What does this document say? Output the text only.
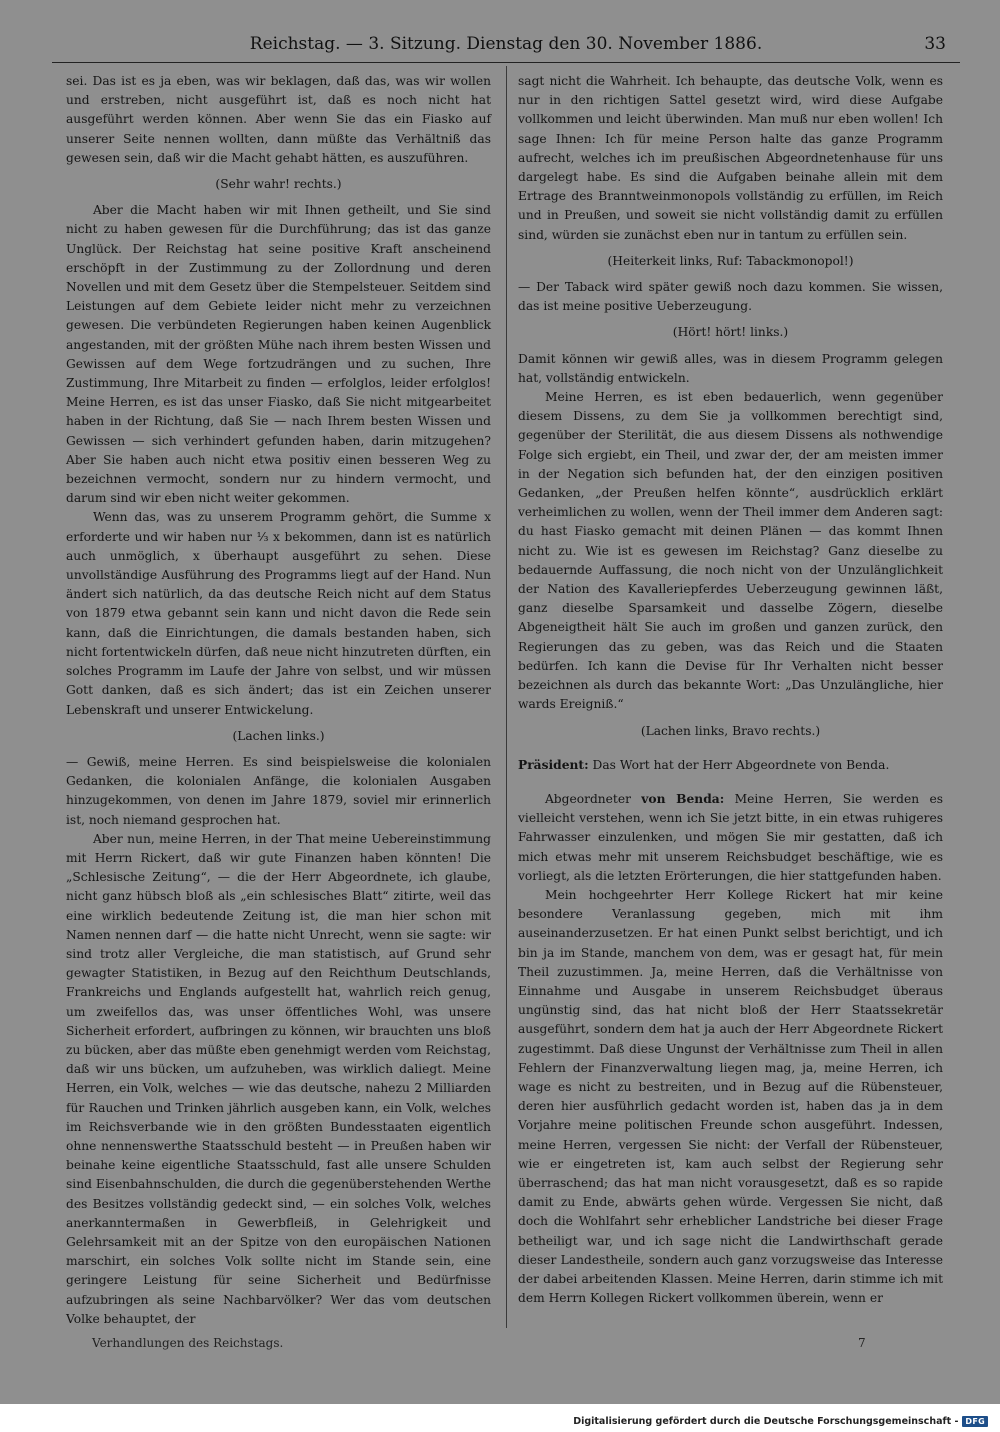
Reichstag. — 3. Sitzung. Dienstag den 30. November 1886.	33

sei. Das ist es ja eben, was wir beklagen, daß das, was wir wollen und erstreben, nicht ausgeführt ist, daß es noch nicht hat ausgeführt werden können. Aber wenn Sie das ein Fiasko auf unserer Seite nennen wollten, dann müßte das Verhältniß das gewesen sein, daß wir die Macht gehabt hätten, es auszuführen.

(Sehr wahr! rechts.)

Aber die Macht haben wir mit Ihnen getheilt, und Sie sind nicht zu haben gewesen für die Durchführung; das ist das ganze Unglück. Der Reichstag hat seine positive Kraft anscheinend erschöpft in der Zustimmung zu der Zollordnung und deren Novellen und mit dem Gesetz über die Stempelsteuer. Seitdem sind Leistungen auf dem Gebiete leider nicht mehr zu verzeichnen gewesen. Die verbündeten Regierungen haben keinen Augenblick angestanden, mit der größten Mühe nach ihrem besten Wissen und Gewissen auf dem Wege fortzudrängen und zu suchen, Ihre Zustimmung, Ihre Mitarbeit zu finden — erfolglos, leider erfolglos! Meine Herren, es ist das unser Fiasko, daß Sie nicht mitgearbeitet haben in der Richtung, daß Sie — nach Ihrem besten Wissen und Gewissen — sich verhindert gefunden haben, darin mitzugehen? Aber Sie haben auch nicht etwa positiv einen besseren Weg zu bezeichnen vermocht, sondern nur zu hindern vermocht, und darum sind wir eben nicht weiter gekommen.

Wenn das, was zu unserem Programm gehört, die Summe x erforderte und wir haben nur ⅓ x bekommen, dann ist es natürlich auch unmöglich, x überhaupt ausgeführt zu sehen. Diese unvollständige Ausführung des Programms liegt auf der Hand. Nun ändert sich natürlich, da das deutsche Reich nicht auf dem Status von 1879 etwa gebannt sein kann und nicht davon die Rede sein kann, daß die Einrichtungen, die damals bestanden haben, sich nicht fortentwickeln dürfen, daß neue nicht hinzutreten dürften, ein solches Programm im Laufe der Jahre von selbst, und wir müssen Gott danken, daß es sich ändert; das ist ein Zeichen unserer Lebenskraft und unserer Entwickelung.

(Lachen links.)

— Gewiß, meine Herren. Es sind beispielsweise die kolonialen Gedanken, die kolonialen Anfänge, die kolonialen Ausgaben hinzugekommen, von denen im Jahre 1879, soviel mir erinnerlich ist, noch niemand gesprochen hat.

Aber nun, meine Herren, in der That meine Uebereinstimmung mit Herrn Rickert, daß wir gute Finanzen haben könnten! Die „Schlesische Zeitung“, — die der Herr Abgeordnete, ich glaube, nicht ganz hübsch bloß als „ein schlesisches Blatt“ zitirte, weil das eine wirklich bedeutende Zeitung ist, die man hier schon mit Namen nennen darf — die hatte nicht Unrecht, wenn sie sagte: wir sind trotz aller Vergleiche, die man statistisch, auf Grund sehr gewagter Statistiken, in Bezug auf den Reichthum Deutschlands, Frankreichs und Englands aufgestellt hat, wahrlich reich genug, um zweifellos das, was unser öffentliches Wohl, was unsere Sicherheit erfordert, aufbringen zu können, wir brauchten uns bloß zu bücken, aber das müßte eben genehmigt werden vom Reichstag, daß wir uns bücken, um aufzuheben, was wirklich daliegt. Meine Herren, ein Volk, welches — wie das deutsche, nahezu 2 Milliarden für Rauchen und Trinken jährlich ausgeben kann, ein Volk, welches im Reichsverbande wie in den größten Bundesstaaten eigentlich ohne nennenswerthe Staatsschuld besteht — in Preußen haben wir beinahe keine eigentliche Staatsschuld, fast alle unsere Schulden sind Eisenbahnschulden, die durch die gegenüberstehenden Werthe des Besitzes vollständig gedeckt sind, — ein solches Volk, welches anerkanntermaßen in Gewerbfleiß, in Gelehrigkeit und Gelehrsamkeit mit an der Spitze von den europäischen Nationen marschirt, ein solches Volk sollte nicht im Stande sein, eine geringere Leistung für seine Sicherheit und Bedürfnisse aufzubringen als seine Nachbarvölker? Wer das vom deutschen Volke behauptet, der

sagt nicht die Wahrheit. Ich behaupte, das deutsche Volk, wenn es nur in den richtigen Sattel gesetzt wird, wird diese Aufgabe vollkommen und leicht überwinden. Man muß nur eben wollen! Ich sage Ihnen: Ich für meine Person halte das ganze Programm aufrecht, welches ich im preußischen Abgeordnetenhause für uns dargelegt habe. Es sind die Aufgaben beinahe allein mit dem Ertrage des Branntweinmonopols vollständig zu erfüllen, im Reich und in Preußen, und soweit sie nicht vollständig damit zu erfüllen sind, würden sie zunächst eben nur in tantum zu erfüllen sein.

(Heiterkeit links, Ruf: Tabackmonopol!)

— Der Taback wird später gewiß noch dazu kommen. Sie wissen, das ist meine positive Ueberzeugung.

(Hört! hört! links.)

Damit können wir gewiß alles, was in diesem Programm gelegen hat, vollständig entwickeln.

Meine Herren, es ist eben bedauerlich, wenn gegenüber diesem Dissens, zu dem Sie ja vollkommen berechtigt sind, gegenüber der Sterilität, die aus diesem Dissens als nothwendige Folge sich ergiebt, ein Theil, und zwar der, der am meisten immer in der Negation sich befunden hat, der den einzigen positiven Gedanken, „der Preußen helfen könnte“, ausdrücklich erklärt verheimlichen zu wollen, wenn der Theil immer dem Anderen sagt: du hast Fiasko gemacht mit deinen Plänen — das kommt Ihnen nicht zu. Wie ist es gewesen im Reichstag? Ganz dieselbe zu bedauernde Auffassung, die noch nicht von der Unzulänglichkeit der Nation des Kavalleriepferdes Ueberzeugung gewinnen läßt, ganz dieselbe Sparsamkeit und dasselbe Zögern, dieselbe Abgeneigtheit hält Sie auch im großen und ganzen zurück, den Regierungen das zu geben, was das Reich und die Staaten bedürfen. Ich kann die Devise für Ihr Verhalten nicht besser bezeichnen als durch das bekannte Wort: „Das Unzulängliche, hier wards Ereigniß.“

(Lachen links, Bravo rechts.)

Präsident: Das Wort hat der Herr Abgeordnete von Benda.

Abgeordneter von Benda: Meine Herren, Sie werden es vielleicht verstehen, wenn ich Sie jetzt bitte, in ein etwas ruhigeres Fahrwasser einzulenken, und mögen Sie mir gestatten, daß ich mich etwas mehr mit unserem Reichsbudget beschäftige, wie es vorliegt, als die letzten Erörterungen, die hier stattgefunden haben.

Mein hochgeehrter Herr Kollege Rickert hat mir keine besondere Veranlassung gegeben, mich mit ihm auseinanderzusetzen. Er hat einen Punkt selbst berichtigt, und ich bin ja im Stande, manchem von dem, was er gesagt hat, für mein Theil zuzustimmen. Ja, meine Herren, daß die Verhältnisse von Einnahme und Ausgabe in unserem Reichsbudget überaus ungünstig sind, das hat nicht bloß der Herr Staatssekretär ausgeführt, sondern dem hat ja auch der Herr Abgeordnete Rickert zugestimmt. Daß diese Ungunst der Verhältnisse zum Theil in allen Fehlern der Finanzverwaltung liegen mag, ja, meine Herren, ich wage es nicht zu bestreiten, und in Bezug auf die Rübensteuer, deren hier ausführlich gedacht worden ist, haben das ja in dem Vorjahre meine politischen Freunde schon ausgeführt. Indessen, meine Herren, vergessen Sie nicht: der Verfall der Rübensteuer, wie er eingetreten ist, kam auch selbst der Regierung sehr überraschend; das hat man nicht vorausgesetzt, daß es so rapide damit zu Ende, abwärts gehen würde. Vergessen Sie nicht, daß doch die Wohlfahrt sehr erheblicher Landstriche bei dieser Frage betheiligt war, und ich sage nicht die Landwirthschaft gerade dieser Landestheile, sondern auch ganz vorzugsweise das Interesse der dabei arbeitenden Klassen. Meine Herren, darin stimme ich mit dem Herrn Kollegen Rickert vollkommen überein, wenn er

Verhandlungen des Reichstags.	7
Digitalisierung gefördert durch die Deutsche Forschungsgemeinschaft - DFG
